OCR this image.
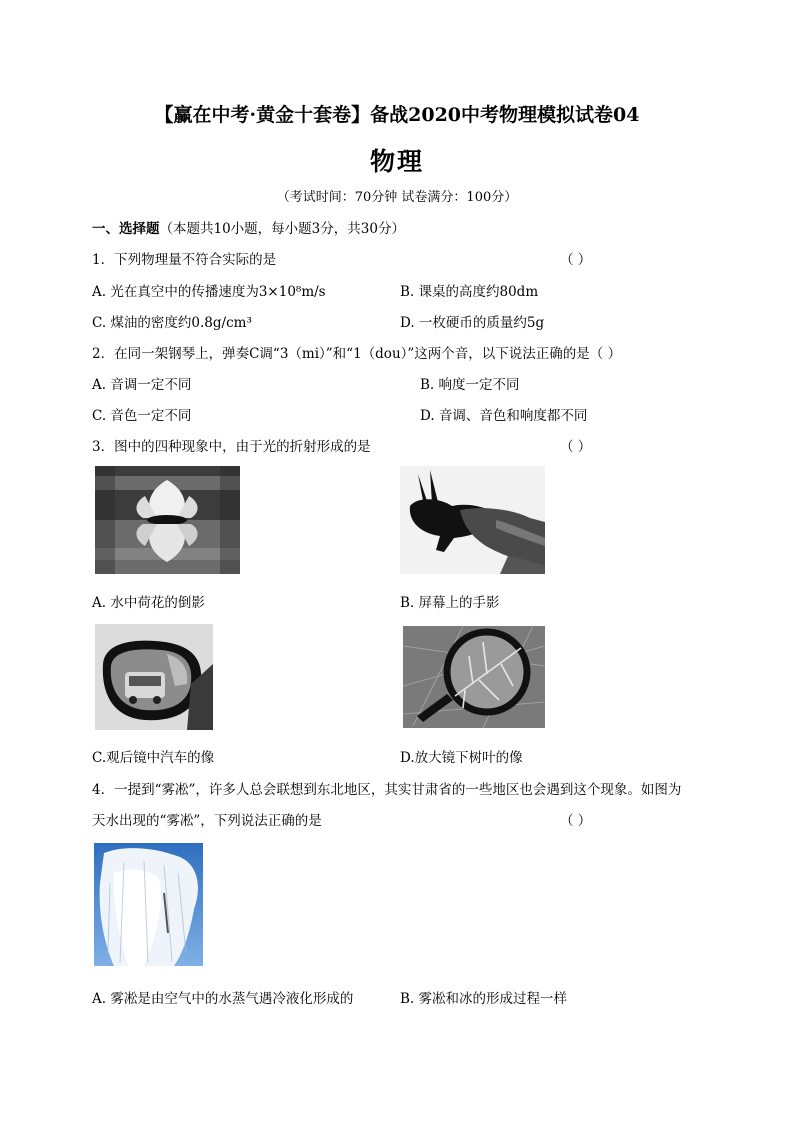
【赢在中考·黄金十套卷】备战2020中考物理模拟试卷04
物理
（考试时间：70分钟 试卷满分：100分）
一、选择题（本题共10小题，每小题3分，共30分）
1．下列物理量不符合实际的是	（ ）
A. 光在真空中的传播速度为3×10⁸m/s	B. 课桌的高度约80dm
C. 煤油的密度约0.8g/cm³	D. 一枚硬币的质量约5g
2．在同一架钢琴上，弹奏C调“3（mi）”和“1（dou）”这两个音，以下说法正确的是（ ）
A. 音调一定不同	B. 响度一定不同
C. 音色一定不同	D. 音调、音色和响度都不同
3．图中的四种现象中，由于光的折射形成的是	（ ）
A. 水中荷花的倒影	B. 屏幕上的手影
C.观后镜中汽车的像	D.放大镜下树叶的像
4．一提到“雾凇”，许多人总会联想到东北地区，其实甘肃省的一些地区也会遇到这个现象。如图为
天水出现的“雾凇”，下列说法正确的是	（ ）
A. 雾凇是由空气中的水蒸气遇冷液化形成的	B. 雾凇和冰的形成过程一样
